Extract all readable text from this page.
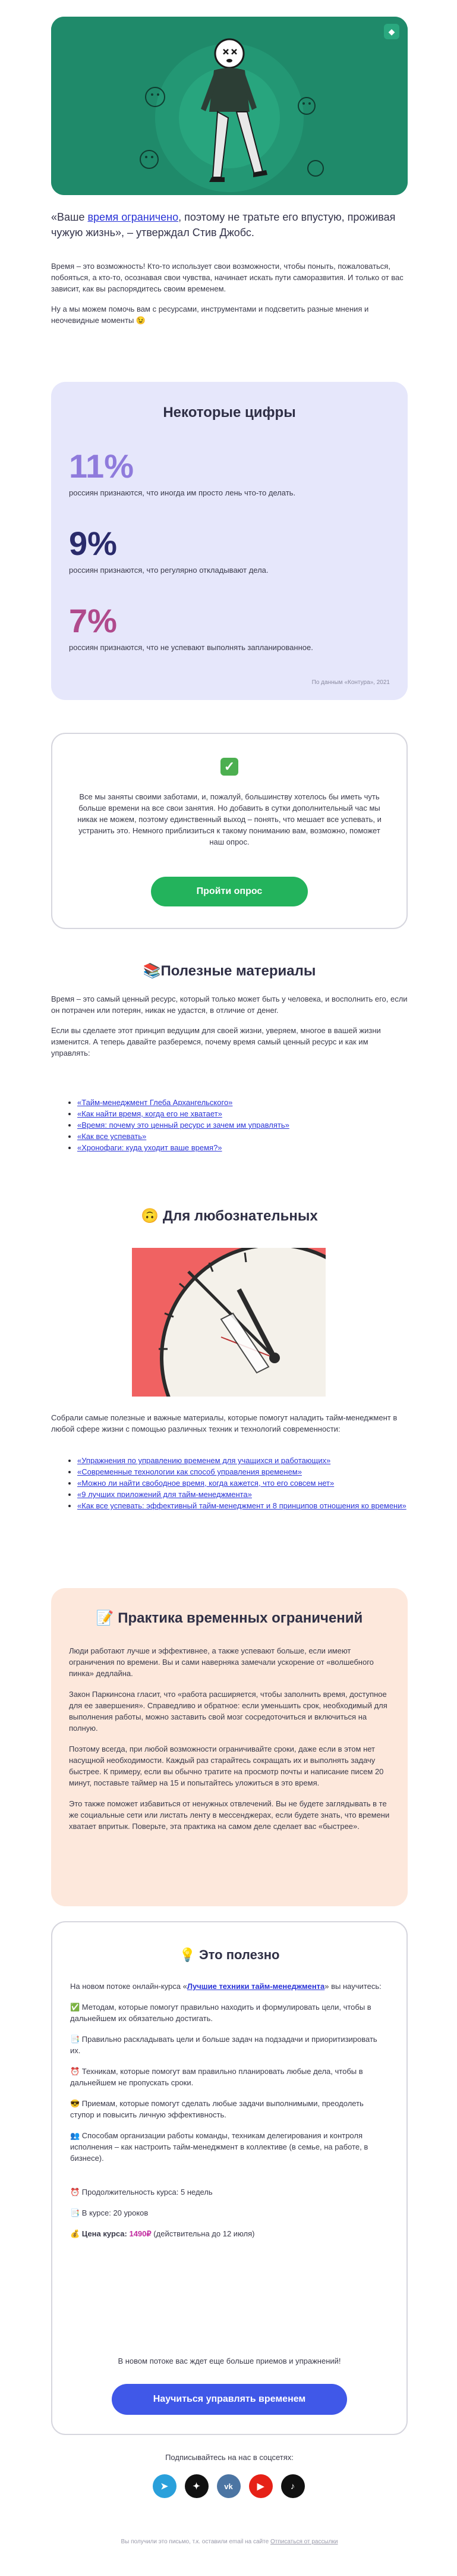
◆
«Ваше время ограничено, поэтому не тратьте его впустую, проживая чужую жизнь», – утверждал Стив Джобс.

Время – это возможность! Кто-то использует свои возможности, чтобы поныть, пожаловаться, побояться, а кто-то, осознавая свои чувства, начинает искать пути саморазвития. И только от вас зависит, как вы распорядитесь своим временем.

Ну а мы можем помочь вам с ресурсами, инструментами и подсветить разные мнения и неочевидные моменты 😉

Некоторые цифры
11%
россиян признаются, что иногда им просто лень что-то делать.
9%
россиян признаются, что регулярно откладывают дела.
7%
россиян признаются, что не успевают выполнять запланированное.
По данным «Контура», 2021
✓
Все мы заняты своими заботами, и, пожалуй, большинству хотелось бы иметь чуть больше времени на все свои занятия. Но добавить в сутки дополнительный час мы никак не можем, поэтому единственный выход – понять, что мешает все успевать, и устранить это. Немного приблизиться к такому пониманию вам, возможно, поможет наш опрос.
Пройти опрос
📚Полезные материалы

Время – это самый ценный ресурс, который только может быть у человека, и восполнить его, если он потрачен или потерян, никак не удастся, в отличие от денег.

Если вы сделаете этот принцип ведущим для своей жизни, уверяем, многое в вашей жизни изменится. А теперь давайте разберемся, почему время самый ценный ресурс и как им управлять:

• «Тайм-менеджмент Глеба Архангельского»
• «Как найти время, когда его не хватает»
• «Время: почему это ценный ресурс и зачем им управлять»
• «Как все успевать»
• «Хронофаги: куда уходит ваше время?»
🙃 Для любознательных
Собрали самые полезные и важные материалы, которые помогут наладить тайм-менеджмент в любой сфере жизни с помощью различных техник и технологий современности:
• «Упражнения по управлению временем для учащихся и работающих»
• «Современные технологии как способ управления временем»
• «Можно ли найти свободное время, когда кажется, что его совсем нет»
• «9 лучших приложений для тайм-менеджмента»
• «Как все успевать: эффективный тайм-менеджмент и 8 принципов отношения ко времени»
📝 Практика временных ограничений

Люди работают лучше и эффективнее, а также успевают больше, если имеют ограничения по времени. Вы и сами наверняка замечали ускорение от «волшебного пинка» дедлайна.

Закон Паркинсона гласит, что «работа расширяется, чтобы заполнить время, доступное для ее завершения». Справедливо и обратное: если уменьшить срок, необходимый для выполнения работы, можно заставить свой мозг сосредоточиться и включиться на полную.

Поэтому всегда, при любой возможности ограничивайте сроки, даже если в этом нет насущной необходимости. Каждый раз старайтесь сокращать их и выполнять задачу быстрее. К примеру, если вы обычно тратите на просмотр почты и написание писем 20 минут, поставьте таймер на 15 и попытайтесь уложиться в это время.

Это также поможет избавиться от ненужных отвлечений. Вы не будете заглядывать в те же социальные сети или листать ленту в мессенджерах, если будете знать, что времени хватает впритык. Поверьте, эта практика на самом деле сделает вас «быстрее».

💡 Это полезно

На новом потоке онлайн-курса «Лучшие техники тайм-менеджмента» вы научитесь:

✅ Методам, которые помогут правильно находить и формулировать цели, чтобы в дальнейшем их обязательно достигать.

📑 Правильно раскладывать цели и больше задач на подзадачи и приоритизировать их.

⏰ Техникам, которые помогут вам правильно планировать любые дела, чтобы в дальнейшем не пропускать сроки.

😎 Приемам, которые помогут сделать любые задачи выполнимыми, преодолеть ступор и повысить личную эффективность.

👥 Способам организации работы команды, техникам делегирования и контроля исполнения – как настроить тайм-менеджмент в коллективе (в семье, на работе, в бизнесе).

⏰ Продолжительность курса: 5 недель

📑 В курсе: 20 уроков

💰 Цена курса: 1490₽ (действительна до 12 июля)

В новом потоке вас ждет еще больше приемов и упражнений!
Научиться управлять временем
Подписывайтесь на нас в соцсетях:
➤	✦	vk	▶	♪
Вы получили это письмо, т.к. оставили email на сайте Отписаться от рассылки
